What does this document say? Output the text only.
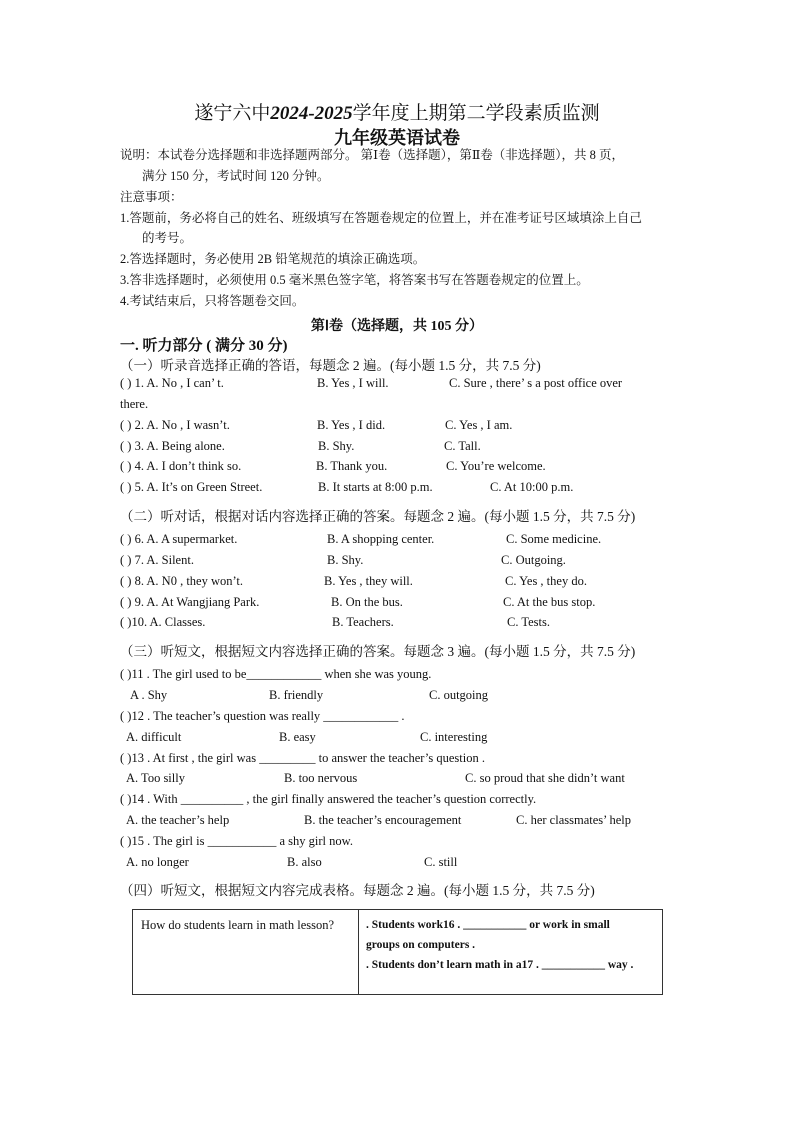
遂宁六中2024-2025学年度上期第二学段素质监测
九年级英语试卷
说明：本试卷分选择题和非选择题两部分。 第Ⅰ卷（选择题），第Ⅱ卷（非选择题），共 8 页，
满分 150 分，考试时间 120 分钟。
注意事项：
1.答题前，务必将自己的姓名、班级填写在答题卷规定的位置上，并在准考证号区域填涂上自己
的考号。
2.答选择题时，务必使用 2B 铅笔规范的填涂正确选项。
3.答非选择题时，必须使用 0.5 毫米黑色签字笔，将答案书写在答题卷规定的位置上。
4.考试结束后，只将答题卷交回。
第Ⅰ卷（选择题，共 105 分）
一. 听力部分 ( 满分 30 分)
（一）听录音选择正确的答语，每题念 2 遍。(每小题 1.5 分，共 7.5 分)
( ) 1. A. No , I can’ t.	B. Yes , I will.	C. Sure , there’ s a post office over
there.
( ) 2. A. No , I wasn’t.	B. Yes , I did.	C. Yes , I am.
( ) 3. A. Being alone.	B. Shy.	C. Tall.
( ) 4. A. I don’t think so.	B. Thank you.	C. You’re welcome.
( ) 5. A. It’s on Green Street.	B. It starts at 8:00 p.m.	C. At 10:00 p.m.
（二）听对话，根据对话内容选择正确的答案。每题念 2 遍。(每小题 1.5 分，共 7.5 分)
( ) 6. A. A supermarket.	B. A shopping center.	C. Some medicine.
( ) 7. A. Silent.	B. Shy.	C. Outgoing.
( ) 8. A. N0 , they won’t.	B. Yes , they will.	C. Yes , they do.
( ) 9. A. At Wangjiang Park.	B. On the bus.	C. At the bus stop.
( )10. A. Classes.	B. Teachers.	C. Tests.
（三）听短文，根据短文内容选择正确的答案。每题念 3 遍。(每小题 1.5 分，共 7.5 分)
( )11 . The girl used to be____________ when she was young.
A . Shy	B. friendly	C. outgoing
( )12 . The teacher’s question was really ____________ .
A. difficult	B. easy	C. interesting
( )13 . At first , the girl was _________ to answer the teacher’s question .
A. Too silly	B. too nervous	C. so proud that she didn’t want
( )14 . With __________ , the girl finally answered the teacher’s question correctly.
A. the teacher’s help	B. the teacher’s encouragement	C. her classmates’ help
( )15 . The girl is ___________ a shy girl now.
A. no longer	B. also	C. still
（四）听短文，根据短文内容完成表格。每题念 2 遍。(每小题 1.5 分，共 7.5 分)
How do students learn in math lesson?	. Students work16 . ___________ or work in small
groups on computers .
. Students don’t learn math in a17 . ___________ way .
